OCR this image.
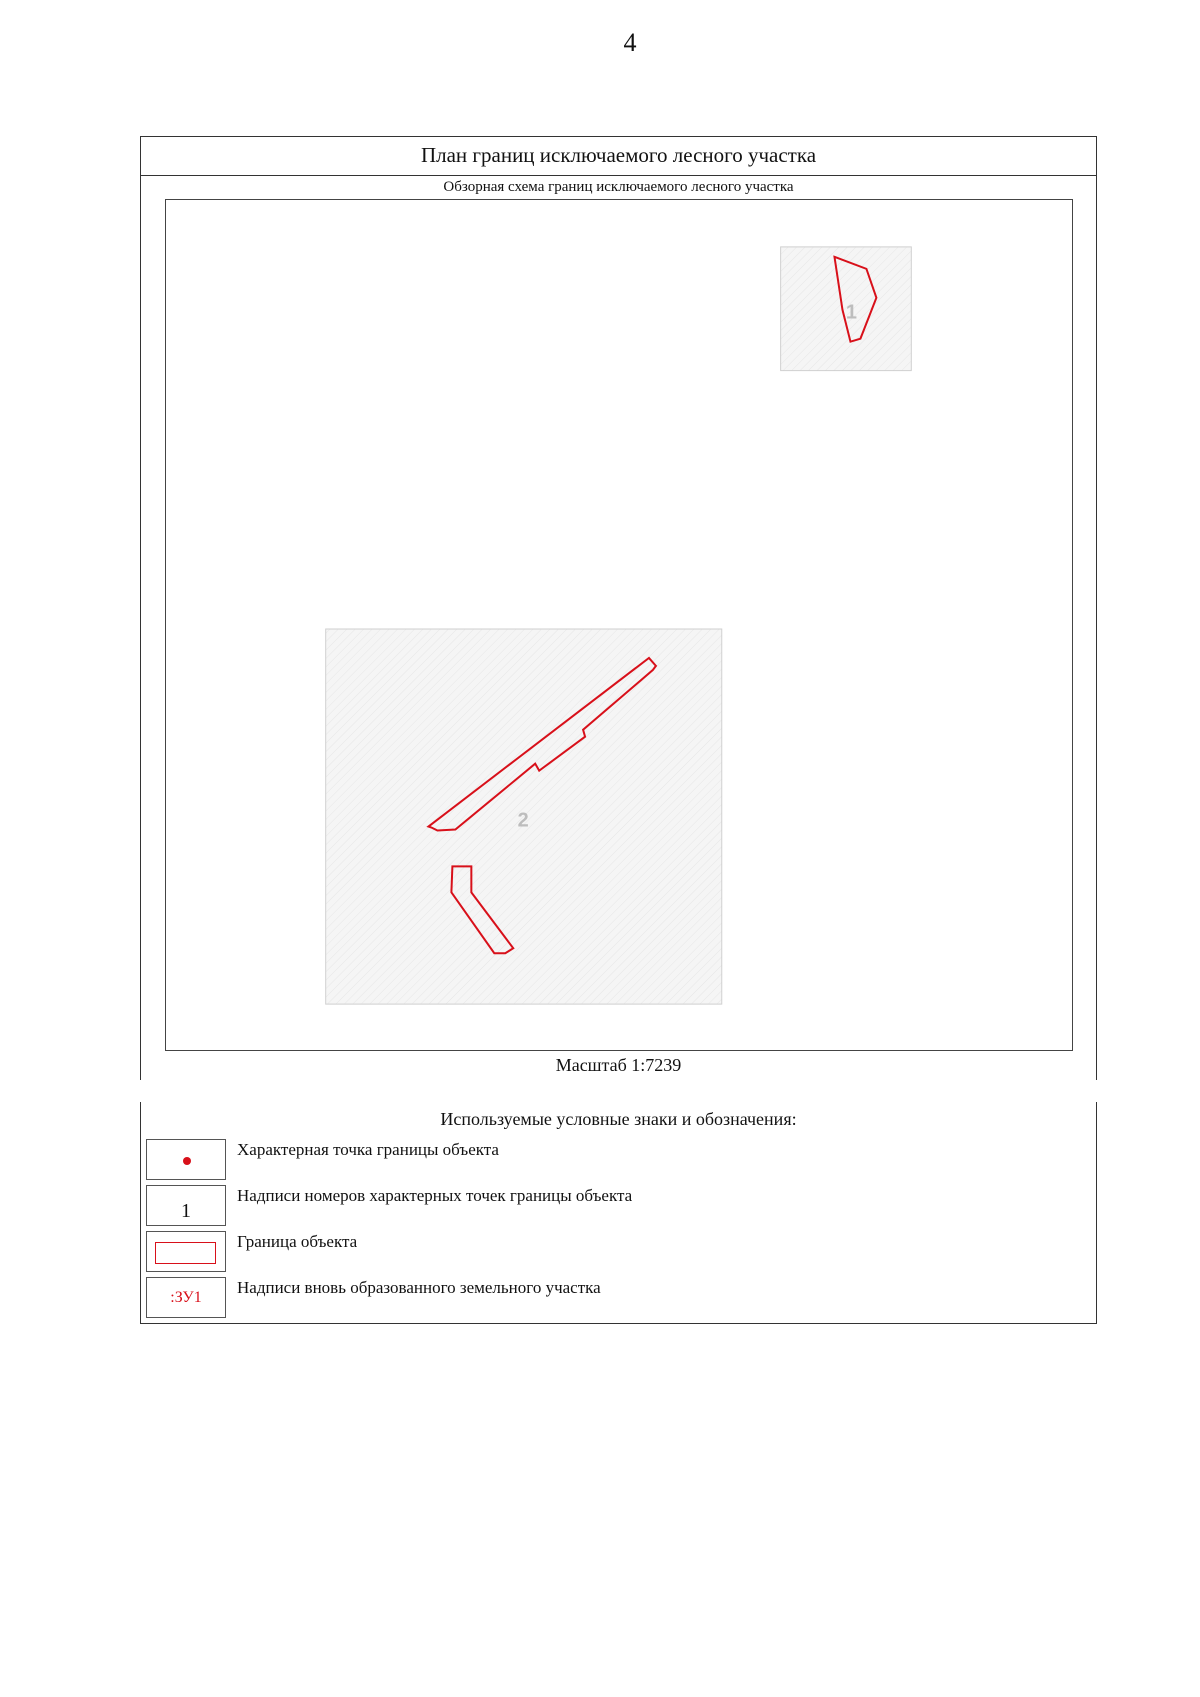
4
План границ исключаемого лесного участка
Обзорная схема границ исключаемого лесного участка
1
2
Масштаб 1:7239
Используемые условные знаки и обозначения:
Характерная точка границы объекта
1
Надписи номеров характерных точек границы объекта
Граница объекта
:ЗУ1
Надписи вновь образованного земельного участка
